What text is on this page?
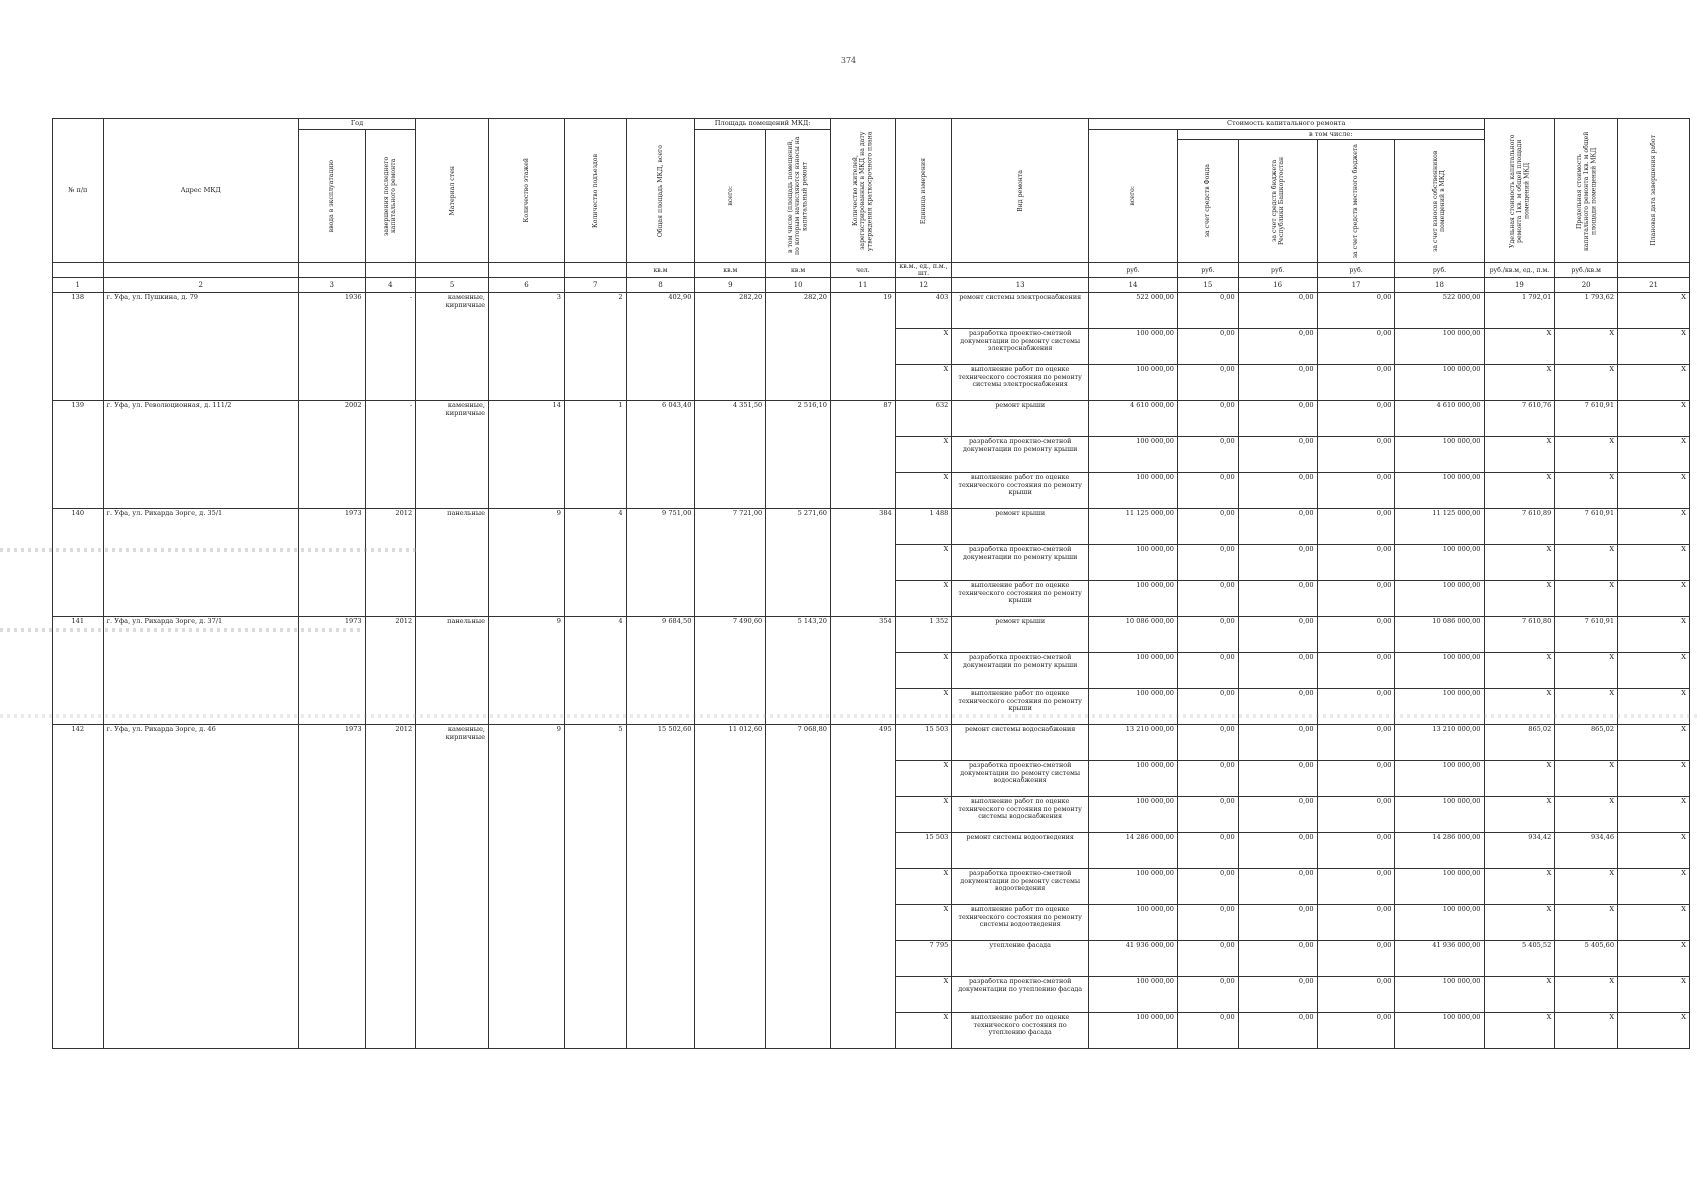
374
№ п/п	Адрес МКД	Год		Материал стен	Количество этажей	Количество подъездов	Общая площадь МКД, всего	Площадь помещений МКД:		Количество жителей, зарегистрированных в МКД на дату утверждения краткосрочного плана	Единица измерения	Вид ремонта	Стоимость капитального ремонта					Удельная стоимость капитального ремонта 1кв. м общей площади помещений МКД	Предельная стоимость капитального ремонта 1кв. м общей площади помещений МКД	Плановая дата завершения работ

		ввода в эксплуатацию	завершения последнего капитального ремонта					всего:	в том числе (площадь помещений, по которым начисляются взносы на капитальный ремонт				всего:	в том числе:						

														за счет средств Фонда	за счет средств бюджета Республики Башкортостан	за счет средств местного бюджета	за счет взносов собственников помещений в МКД			

							кв.м	кв.м	кв.м	чел.	кв.м., ед., п.м., шт.		руб.	руб.	руб.	руб.	руб.	руб./кв.м, ед., п.м.	руб./кв.м	
1	2	3	4	5	6	7	8	9	10	11	12	13	14	15	16	17	18	19	20	21
138	г. Уфа, ул. Пушкина, д. 79	1936	-	каменные, кирпичные	3	2	402,90	282,20	282,20	19	403	ремонт системы электроснабжения	522 000,00	0,00	0,00	0,00	522 000,00	1 792,01	1 793,62	X
											X	разработка проектно-сметной документации по ремонту системы электроснабжения	100 000,00	0,00	0,00	0,00	100 000,00	X	X	X
											X	выполнение работ по оценке технического состояния по ремонту системы электроснабжения	100 000,00	0,00	0,00	0,00	100 000,00	X	X	X
139	г. Уфа, ул. Революционная, д. 111/2	2002	-	каменные, кирпичные	14	1	6 043,40	4 351,50	2 516,10	87	632	ремонт крыши	4 610 000,00	0,00	0,00	0,00	4 610 000,00	7 610,76	7 610,91	X
											X	разработка проектно-сметной документации по ремонту крыши	100 000,00	0,00	0,00	0,00	100 000,00	X	X	X
											X	выполнение работ по оценке технического состояния по ремонту крыши	100 000,00	0,00	0,00	0,00	100 000,00	X	X	X
140	г. Уфа, ул. Рихарда Зорге, д. 35/1	1973	2012	панельные	9	4	9 751,00	7 721,00	5 271,60	384	1 488	ремонт крыши	11 125 000,00	0,00	0,00	0,00	11 125 000,00	7 610,89	7 610,91	X
											X	разработка проектно-сметной документации по ремонту крыши	100 000,00	0,00	0,00	0,00	100 000,00	X	X	X
											X	выполнение работ по оценке технического состояния по ремонту крыши	100 000,00	0,00	0,00	0,00	100 000,00	X	X	X
141	г. Уфа, ул. Рихарда Зорге, д. 37/1	1973	2012	панельные	9	4	9 684,50	7 490,60	5 143,20	354	1 352	ремонт крыши	10 086 000,00	0,00	0,00	0,00	10 086 000,00	7 610,80	7 610,91	X
											X	разработка проектно-сметной документации по ремонту крыши	100 000,00	0,00	0,00	0,00	100 000,00	X	X	X
											X	выполнение работ по оценке технического состояния по ремонту крыши	100 000,00	0,00	0,00	0,00	100 000,00	X	X	X
142	г. Уфа, ул. Рихарда Зорге, д. 46	1973	2012	каменные, кирпичные	9	5	15 502,60	11 012,60	7 068,80	495	15 503	ремонт системы водоснабжения	13 210 000,00	0,00	0,00	0,00	13 210 000,00	865,02	865,02	X
											X	разработка проектно-сметной документации по ремонту системы водоснабжения	100 000,00	0,00	0,00	0,00	100 000,00	X	X	X
											X	выполнение работ по оценке технического состояния по ремонту системы водоснабжения	100 000,00	0,00	0,00	0,00	100 000,00	X	X	X
											15 503	ремонт системы водоотведения	14 286 000,00	0,00	0,00	0,00	14 286 000,00	934,42	934,46	X
											X	разработка проектно-сметной документации по ремонту системы водоотведения	100 000,00	0,00	0,00	0,00	100 000,00	X	X	X
											X	выполнение работ по оценке технического состояния по ремонту системы водоотведения	100 000,00	0,00	0,00	0,00	100 000,00	X	X	X
											7 795	утепление фасада	41 936 000,00	0,00	0,00	0,00	41 936 000,00	5 405,52	5 405,60	X
											X	разработка проектно-сметной документации по утеплению фасада	100 000,00	0,00	0,00	0,00	100 000,00	X	X	X
											X	выполнение работ по оценке технического состояния по утеплению фасада	100 000,00	0,00	0,00	0,00	100 000,00	X	X	X
